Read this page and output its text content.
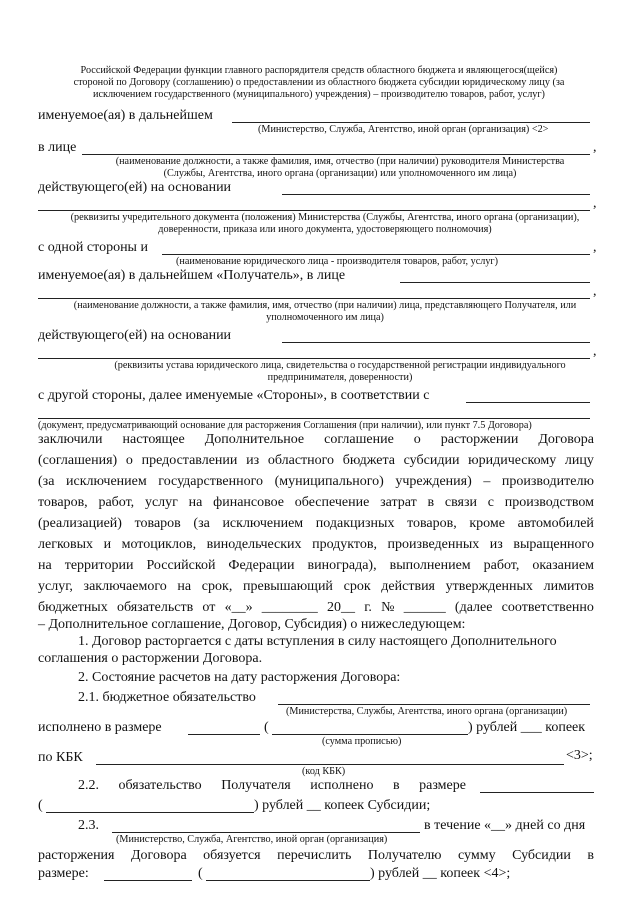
Российской Федерации функции главного распорядителя средств областного бюджета и являющегося(щейся)
стороной по Договору (соглашению) о предоставлении из областного бюджета субсидии юридическому лицу (за
исключением государственного (муниципального) учреждения) – производителю товаров, работ, услуг)
именуемое(ая) в дальнейшем
(Министерство, Служба, Агентство, иной орган (организация) <2>
в лице	,
(наименование должности, а также фамилия, имя, отчество (при наличии) руководителя Министерства
(Службы, Агентства, иного органа (организации) или уполномоченного им лица)
действующего(ей) на основании
,
(реквизиты учредительного документа (положения) Министерства (Службы, Агентства, иного органа (организации),
доверенности, приказа или иного документа, удостоверяющего полномочия)
с одной стороны и	,
(наименование юридического лица - производителя товаров, работ, услуг)
именуемое(ая) в дальнейшем «Получатель», в лице
,
(наименование должности, а также фамилия, имя, отчество (при наличии) лица, представляющего Получателя, или
уполномоченного им лица)
действующего(ей) на основании
,
(реквизиты устава юридического лица, свидетельства о государственной регистрации индивидуального
предпринимателя, доверенности)
с другой стороны, далее именуемые «Стороны», в соответствии с
(документ, предусматривающий основание для расторжения Соглашения (при наличии), или пункт 7.5 Договора)
заключили настоящее Дополнительное соглашение о расторжении Договора
(соглашения) о предоставлении из областного бюджета субсидии юридическому лицу
(за исключением государственного (муниципального) учреждения) – производителю
товаров, работ, услуг на финансовое обеспечение затрат в связи с производством
(реализацией) товаров (за исключением подакцизных товаров, кроме автомобилей
легковых и мотоциклов, винодельческих продуктов, произведенных из выращенного
на территории Российской Федерации винограда), выполнением работ, оказанием
услуг, заключаемого на срок, превышающий срок действия утвержденных лимитов
бюджетных обязательств от «__» ________ 20__ г. № ______ (далее соответственно
– Дополнительное соглашение, Договор, Субсидия) о нижеследующем:
1. Договор расторгается с даты вступления в силу настоящего Дополнительного
соглашения о расторжении Договора.
2. Состояние расчетов на дату расторжения Договора:
2.1. бюджетное обязательство
(Министерства, Службы, Агентства, иного органа (организации)
исполнено в размере	(	) рублей ___ копеек
(сумма прописью)
по КБК	<3>;
(код КБК)
2.2. обязательство Получателя исполнено в размере
(	) рублей __ копеек Субсидии;
2.3.	в течение «__» дней со дня
(Министерство, Служба, Агентство, иной орган (организация)
расторжения Договора обязуется перечислить Получателю сумму Субсидии в
размере:	(	) рублей __ копеек <4>;
